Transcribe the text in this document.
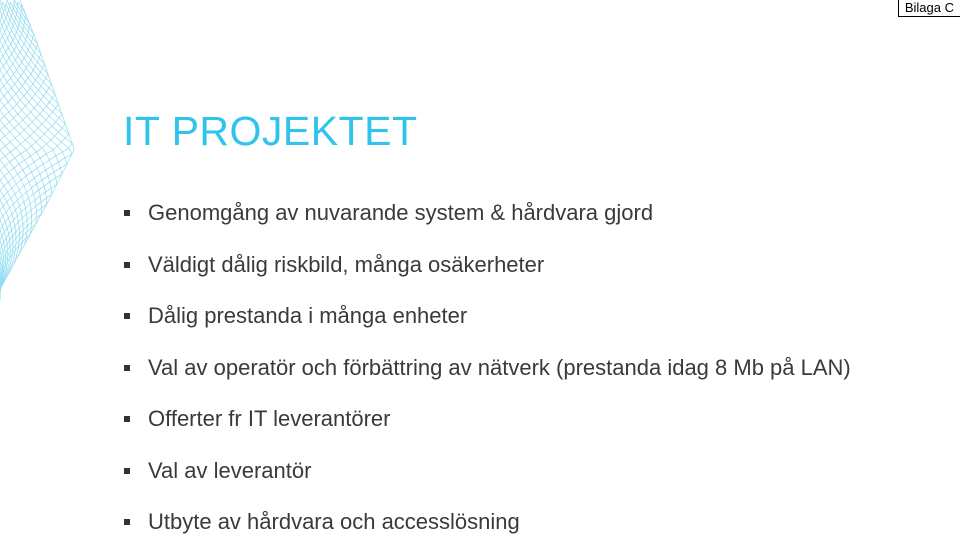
Bilaga C
IT PROJEKTET
Genomgång av nuvarande system & hårdvara gjord
Väldigt dålig riskbild, många osäkerheter
Dålig prestanda i många enheter
Val av operatör och förbättring av nätverk (prestanda idag 8 Mb på LAN)
Offerter fr IT leverantörer
Val av leverantör
Utbyte av hårdvara och accesslösning
